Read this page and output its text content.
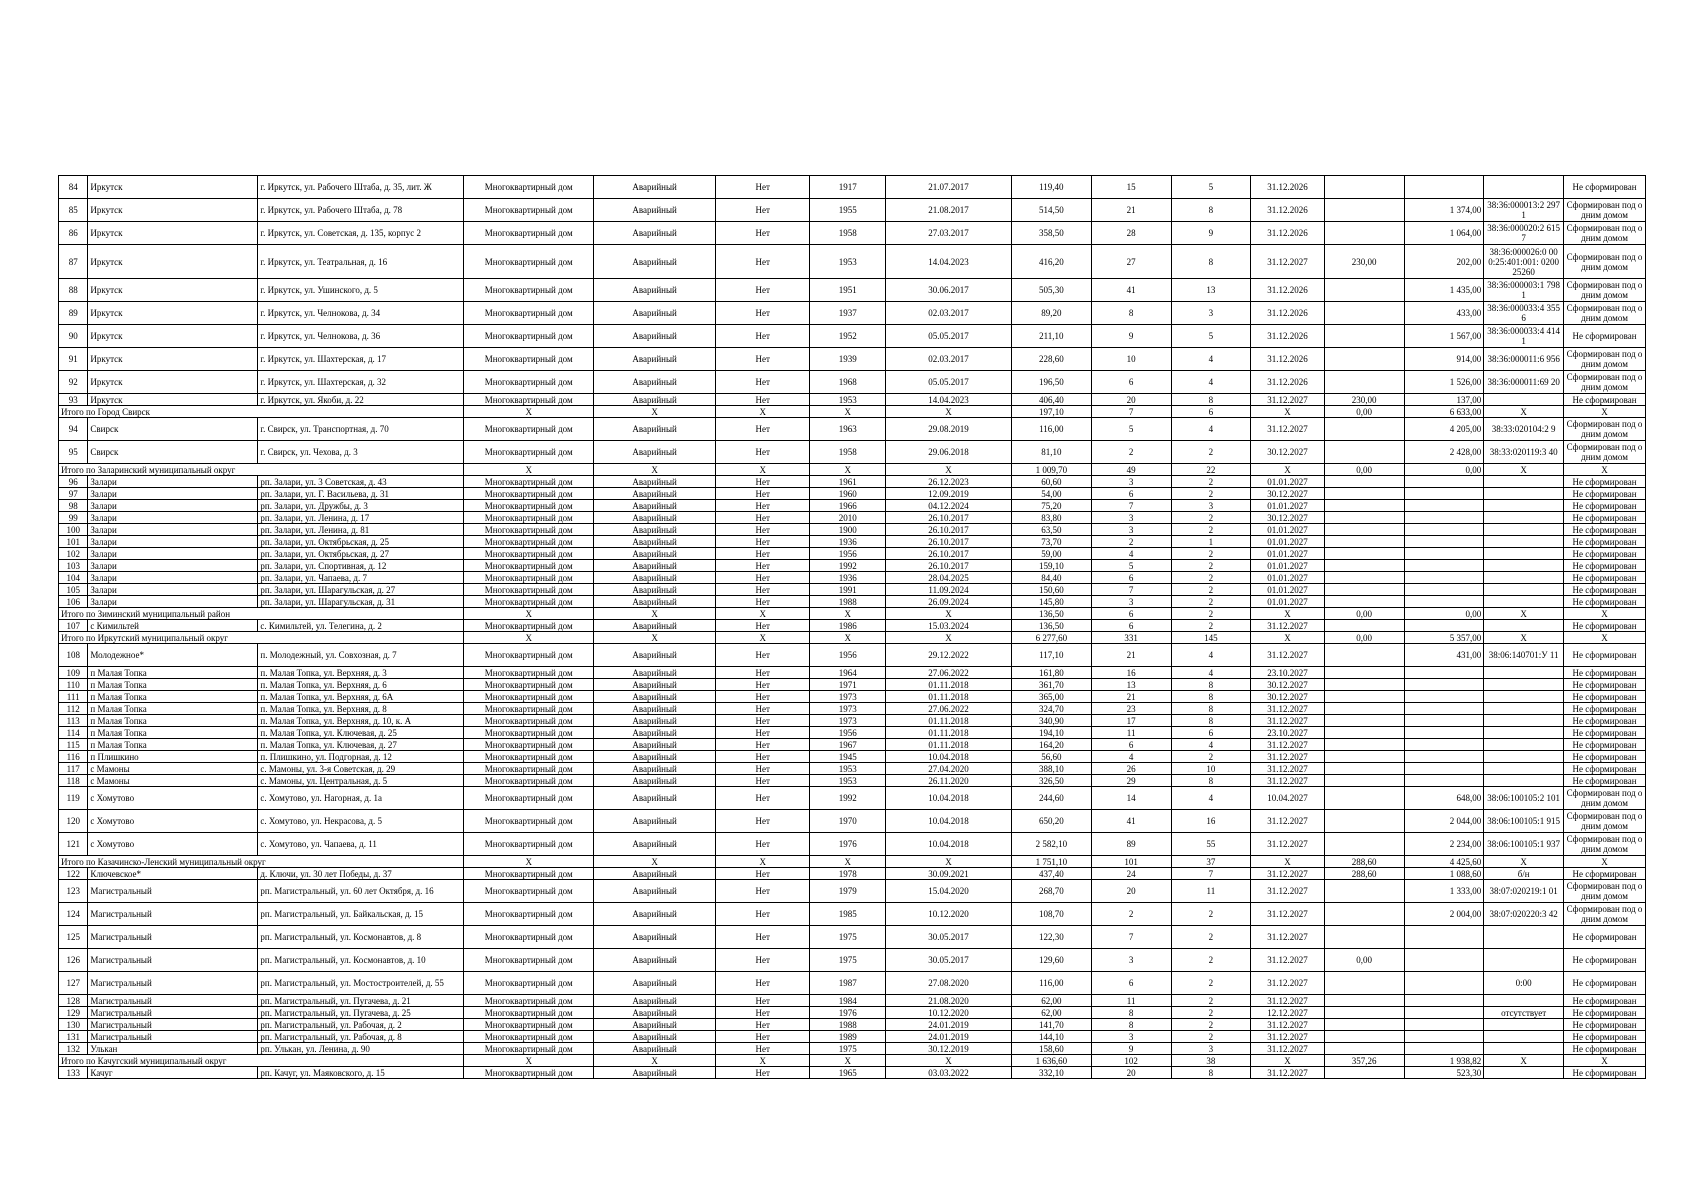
84	Иркутск	г. Иркутск, ул. Рабочего Штаба, д. 35, лит. Ж	Многоквартирный дом	Аварийный	Нет	1917	21.07.2017	119,40	15	5	31.12.2026				Не сформирован
85	Иркутск	г. Иркутск, ул. Рабочего Штаба, д. 78	Многоквартирный дом	Аварийный	Нет	1955	21.08.2017	514,50	21	8	31.12.2026		1 374,00	38:36:000013:2 2971	Сформирован под одним домом
86	Иркутск	г. Иркутск, ул. Советская, д. 135, корпус 2	Многоквартирный дом	Аварийный	Нет	1958	27.03.2017	358,50	28	9	31.12.2026		1 064,00	38:36:000020:2 6157	Сформирован под одним домом
87	Иркутск	г. Иркутск, ул. Театральная, д. 16	Многоквартирный дом	Аварийный	Нет	1953	14.04.2023	416,20	27	8	31.12.2027	230,00	202,00	38:36:000026:0 000:25:401:001: 020025260	Сформирован под одним домом
88	Иркутск	г. Иркутск, ул. Ушинского, д. 5	Многоквартирный дом	Аварийный	Нет	1951	30.06.2017	505,30	41	13	31.12.2026		1 435,00	38:36:000003:1 7981	Сформирован под одним домом
89	Иркутск	г. Иркутск, ул. Челнокова, д. 34	Многоквартирный дом	Аварийный	Нет	1937	02.03.2017	89,20	8	3	31.12.2026		433,00	38:36:000033:4 3556	Сформирован под одним домом
90	Иркутск	г. Иркутск, ул. Челнокова, д. 36	Многоквартирный дом	Аварийный	Нет	1952	05.05.2017	211,10	9	5	31.12.2026		1 567,00	38:36:000033:4 4141	Не сформирован
91	Иркутск	г. Иркутск, ул. Шахтерская, д. 17	Многоквартирный дом	Аварийный	Нет	1939	02.03.2017	228,60	10	4	31.12.2026		914,00	38:36:000011:6 956	Сформирован под одним домом
92	Иркутск	г. Иркутск, ул. Шахтерская, д. 32	Многоквартирный дом	Аварийный	Нет	1968	05.05.2017	196,50	6	4	31.12.2026		1 526,00	38:36:000011:69 20	Сформирован под одним домом
93	Иркутск	г. Иркутск, ул. Якоби, д. 22	Многоквартирный дом	Аварийный	Нет	1953	14.04.2023	406,40	20	8	31.12.2027	230,00	137,00		Не сформирован
Итого по Город Свирск			X	X	X	X	X	197,10	7	6	X	0,00	6 633,00	X	X
94	Свирск	г. Свирск, ул. Транспортная, д. 70	Многоквартирный дом	Аварийный	Нет	1963	29.08.2019	116,00	5	4	31.12.2027		4 205,00	38:33:020104:2 9	Сформирован под одним домом
95	Свирск	г. Свирск, ул. Чехова, д. 3	Многоквартирный дом	Аварийный	Нет	1958	29.06.2018	81,10	2	2	30.12.2027		2 428,00	38:33:020119:3 40	Сформирован под одним домом
Итого по Заларинский муниципальный округ			X	X	X	X	X	1 009,70	49	22	X	0,00	0,00	X	X
96	Залари	рп. Залари, ул. 3 Советская, д. 43	Многоквартирный дом	Аварийный	Нет	1961	26.12.2023	60,60	3	2	01.01.2027				Не сформирован
97	Залари	рп. Залари, ул. Г. Васильева, д. 31	Многоквартирный дом	Аварийный	Нет	1960	12.09.2019	54,00	6	2	30.12.2027				Не сформирован
98	Залари	рп. Залари, ул. Дружбы, д. 3	Многоквартирный дом	Аварийный	Нет	1966	04.12.2024	75,20	7	3	01.01.2027				Не сформирован
99	Залари	рп. Залари, ул. Ленина, д. 17	Многоквартирный дом	Аварийный	Нет	2010	26.10.2017	83,80	3	2	30.12.2027				Не сформирован
100	Залари	рп. Залари, ул. Ленина, д. 81	Многоквартирный дом	Аварийный	Нет	1900	26.10.2017	63,50	3	2	01.01.2027				Не сформирован
101	Залари	рп. Залари, ул. Октябрьская, д. 25	Многоквартирный дом	Аварийный	Нет	1936	26.10.2017	73,70	2	1	01.01.2027				Не сформирован
102	Залари	рп. Залари, ул. Октябрьская, д. 27	Многоквартирный дом	Аварийный	Нет	1956	26.10.2017	59,00	4	2	01.01.2027				Не сформирован
103	Залари	рп. Залари, ул. Спортивная, д. 12	Многоквартирный дом	Аварийный	Нет	1992	26.10.2017	159,10	5	2	01.01.2027				Не сформирован
104	Залари	рп. Залари, ул. Чапаева, д. 7	Многоквартирный дом	Аварийный	Нет	1936	28.04.2025	84,40	6	2	01.01.2027				Не сформирован
105	Залари	рп. Залари, ул. Шарагульская, д. 27	Многоквартирный дом	Аварийный	Нет	1991	11.09.2024	150,60	7	2	01.01.2027				Не сформирован
106	Залари	рп. Залари, ул. Шарагульская, д. 31	Многоквартирный дом	Аварийный	Нет	1988	26.09.2024	145,80	3	2	01.01.2027				Не сформирован
Итого по Зиминский муниципальный район			X	X	X	X	X	136,50	6	2	X	0,00	0,00	X	X
107	с Кимильтей	с. Кимильтей, ул. Телегина, д. 2	Многоквартирный дом	Аварийный	Нет	1986	15.03.2024	136,50	6	2	31.12.2027				Не сформирован
Итого по Иркутский муниципальный округ			X	X	X	X	X	6 277,60	331	145	X	0,00	5 357,00	X	X
108	Молодежное*	п. Молодежный, ул. Совхозная, д. 7	Многоквартирный дом	Аварийный	Нет	1956	29.12.2022	117,10	21	4	31.12.2027		431,00	38:06:140701:У 11	Не сформирован
109	п Малая Топка	п. Малая Топка, ул. Верхняя, д. 3	Многоквартирный дом	Аварийный	Нет	1964	27.06.2022	161,80	16	4	23.10.2027				Не сформирован
110	п Малая Топка	п. Малая Топка, ул. Верхняя, д. 6	Многоквартирный дом	Аварийный	Нет	1971	01.11.2018	361,70	13	8	30.12.2027				Не сформирован
111	п Малая Топка	п. Малая Топка, ул. Верхняя, д. 6А	Многоквартирный дом	Аварийный	Нет	1973	01.11.2018	365,00	21	8	30.12.2027				Не сформирован
112	п Малая Топка	п. Малая Топка, ул. Верхняя, д. 8	Многоквартирный дом	Аварийный	Нет	1973	27.06.2022	324,70	23	8	31.12.2027				Не сформирован
113	п Малая Топка	п. Малая Топка, ул. Верхняя, д. 10, к. А	Многоквартирный дом	Аварийный	Нет	1973	01.11.2018	340,90	17	8	31.12.2027				Не сформирован
114	п Малая Топка	п. Малая Топка, ул. Ключевая, д. 25	Многоквартирный дом	Аварийный	Нет	1956	01.11.2018	194,10	11	6	23.10.2027				Не сформирован
115	п Малая Топка	п. Малая Топка, ул. Ключевая, д. 27	Многоквартирный дом	Аварийный	Нет	1967	01.11.2018	164,20	6	4	31.12.2027				Не сформирован
116	п Плишкино	п. Плишкино, ул. Подгорная, д. 12	Многоквартирный дом	Аварийный	Нет	1945	10.04.2018	56,60	4	2	31.12.2027				Не сформирован
117	с Мамоны	с. Мамоны, ул. 3-я Советская, д. 29	Многоквартирный дом	Аварийный	Нет	1953	27.04.2020	388,10	26	10	31.12.2027				Не сформирован
118	с Мамоны	с. Мамоны, ул. Центральная, д. 5	Многоквартирный дом	Аварийный	Нет	1953	26.11.2020	326,50	29	8	31.12.2027				Не сформирован
119	с Хомутово	с. Хомутово, ул. Нагорная, д. 1а	Многоквартирный дом	Аварийный	Нет	1992	10.04.2018	244,60	14	4	10.04.2027		648,00	38:06:100105:2 101	Сформирован под одним домом
120	с Хомутово	с. Хомутово, ул. Некрасова, д. 5	Многоквартирный дом	Аварийный	Нет	1970	10.04.2018	650,20	41	16	31.12.2027		2 044,00	38:06:100105:1 915	Сформирован под одним домом
121	с Хомутово	с. Хомутово, ул. Чапаева, д. 11	Многоквартирный дом	Аварийный	Нет	1976	10.04.2018	2 582,10	89	55	31.12.2027		2 234,00	38:06:100105:1 937	Сформирован под одним домом
Итого по Казачинско-Ленский муниципальный округ			X	X	X	X	X	1 751,10	101	37	X	288,60	4 425,60	X	X
122	Ключевское*	д. Ключи, ул. 30 лет Победы, д. 37	Многоквартирный дом	Аварийный	Нет	1978	30.09.2021	437,40	24	7	31.12.2027	288,60	1 088,60	б/н	Не сформирован
123	Магистральный	рп. Магистральный, ул. 60 лет Октября, д. 16	Многоквартирный дом	Аварийный	Нет	1979	15.04.2020	268,70	20	11	31.12.2027		1 333,00	38:07:020219:1 01	Сформирован под одним домом
124	Магистральный	рп. Магистральный, ул. Байкальская, д. 15	Многоквартирный дом	Аварийный	Нет	1985	10.12.2020	108,70	2	2	31.12.2027		2 004,00	38:07:020220:3 42	Сформирован под одним домом
125	Магистральный	рп. Магистральный, ул. Космонавтов, д. 8	Многоквартирный дом	Аварийный	Нет	1975	30.05.2017	122,30	7	2	31.12.2027				Не сформирован
126	Магистральный	рп. Магистральный, ул. Космонавтов, д. 10	Многоквартирный дом	Аварийный	Нет	1975	30.05.2017	129,60	3	2	31.12.2027	0,00			Не сформирован
127	Магистральный	рп. Магистральный, ул. Мостостроителей, д. 55	Многоквартирный дом	Аварийный	Нет	1987	27.08.2020	116,00	6	2	31.12.2027			0:00	Не сформирован
128	Магистральный	рп. Магистральный, ул. Пугачева, д. 21	Многоквартирный дом	Аварийный	Нет	1984	21.08.2020	62,00	11	2	31.12.2027				Не сформирован
129	Магистральный	рп. Магистральный, ул. Пугачева, д. 25	Многоквартирный дом	Аварийный	Нет	1976	10.12.2020	62,00	8	2	12.12.2027			отсутствует	Не сформирован
130	Магистральный	рп. Магистральный, ул. Рабочая, д. 2	Многоквартирный дом	Аварийный	Нет	1988	24.01.2019	141,70	8	2	31.12.2027				Не сформирован
131	Магистральный	рп. Магистральный, ул. Рабочая, д. 8	Многоквартирный дом	Аварийный	Нет	1989	24.01.2019	144,10	3	2	31.12.2027				Не сформирован
132	Улькан	рп. Улькан, ул. Ленина, д. 90	Многоквартирный дом	Аварийный	Нет	1975	30.12.2019	158,60	9	3	31.12.2027				Не сформирован
Итого по Качугский муниципальный округ			X	X	X	X	X	1 636,60	102	38	X	357,26	1 938,82	X	X
133	Качуг	рп. Качуг, ул. Маяковского, д. 15	Многоквартирный дом	Аварийный	Нет	1965	03.03.2022	332,10	20	8	31.12.2027		523,30		Не сформирован
